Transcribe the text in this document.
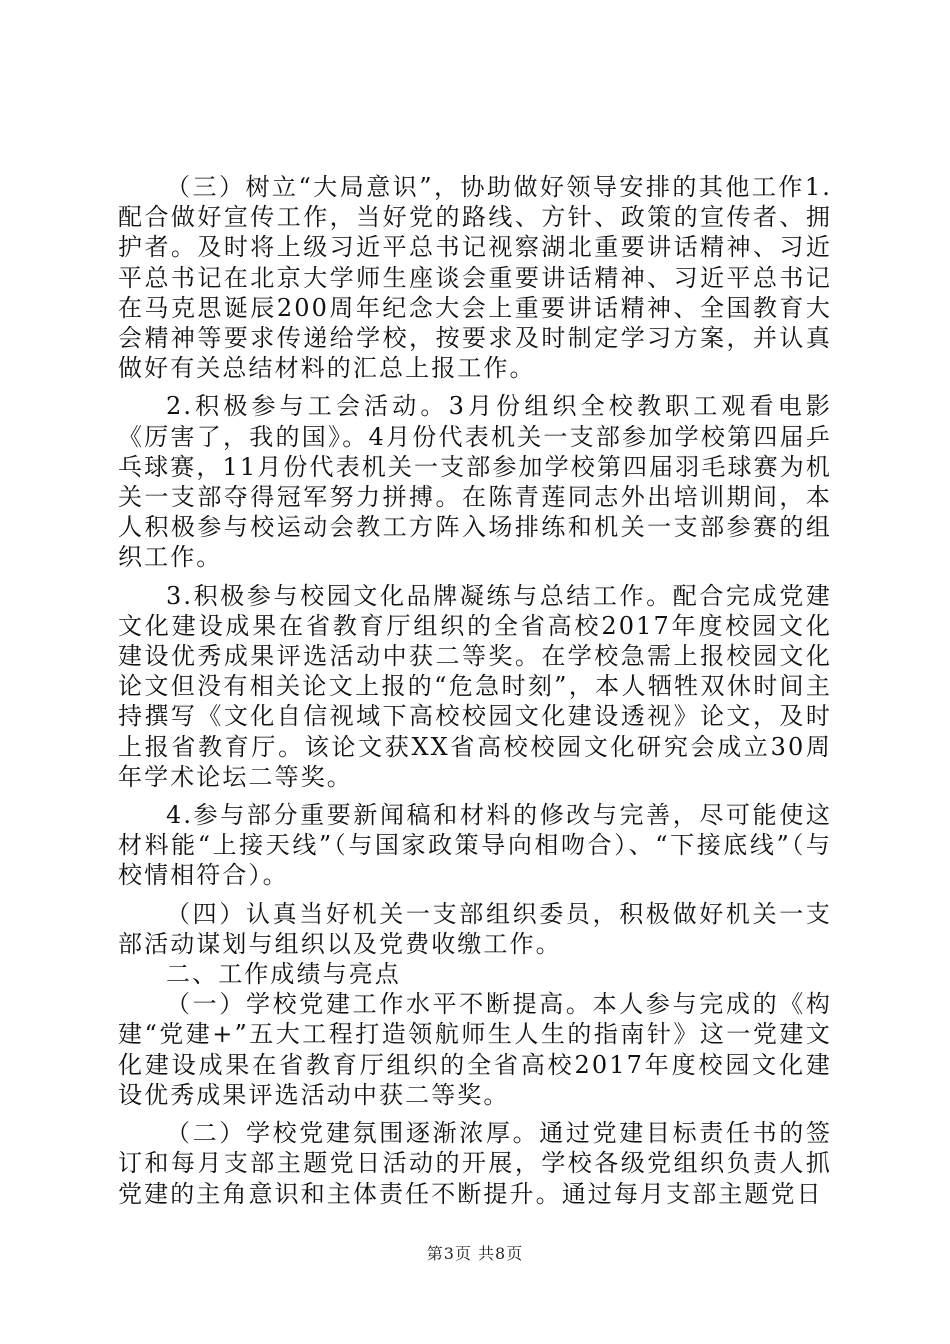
（三）树立“大局意识”，协助做好领导安排的其他工作1.配合做好宣传工作，当好党的路线、方针、政策的宣传者、拥护者。及时将上级习近平总书记视察湖北重要讲话精神、习近平总书记在北京大学师生座谈会重要讲话精神、习近平总书记在马克思诞辰200周年纪念大会上重要讲话精神、全国教育大会精神等要求传递给学校，按要求及时制定学习方案，并认真做好有关总结材料的汇总上报工作。

2.积极参与工会活动。3月份组织全校教职工观看电影《厉害了，我的国》。4月份代表机关一支部参加学校第四届乒乓球赛，11月份代表机关一支部参加学校第四届羽毛球赛为机关一支部夺得冠军努力拼搏。在陈青莲同志外出培训期间，本人积极参与校运动会教工方阵入场排练和机关一支部参赛的组织工作。

3.积极参与校园文化品牌凝练与总结工作。配合完成党建文化建设成果在省教育厅组织的全省高校2017年度校园文化建设优秀成果评选活动中获二等奖。在学校急需上报校园文化论文但没有相关论文上报的“危急时刻”，本人牺牲双休时间主持撰写《文化自信视域下高校校园文化建设透视》论文，及时上报省教育厅。该论文获XX省高校校园文化研究会成立30周年学术论坛二等奖。

4.参与部分重要新闻稿和材料的修改与完善，尽可能使这材料能“上接天线”（与国家政策导向相吻合）、“下接底线”（与校情相符合）。

（四）认真当好机关一支部组织委员，积极做好机关一支部活动谋划与组织以及党费收缴工作。

二、工作成绩与亮点

（一）学校党建工作水平不断提高。本人参与完成的《构建“党建+”五大工程打造领航师生人生的指南针》这一党建文化建设成果在省教育厅组织的全省高校2017年度校园文化建设优秀成果评选活动中获二等奖。

（二）学校党建氛围逐渐浓厚。通过党建目标责任书的签订和每月支部主题党日活动的开展，学校各级党组织负责人抓党建的主角意识和主体责任不断提升。通过每月支部主题党日

第3页 共8页
